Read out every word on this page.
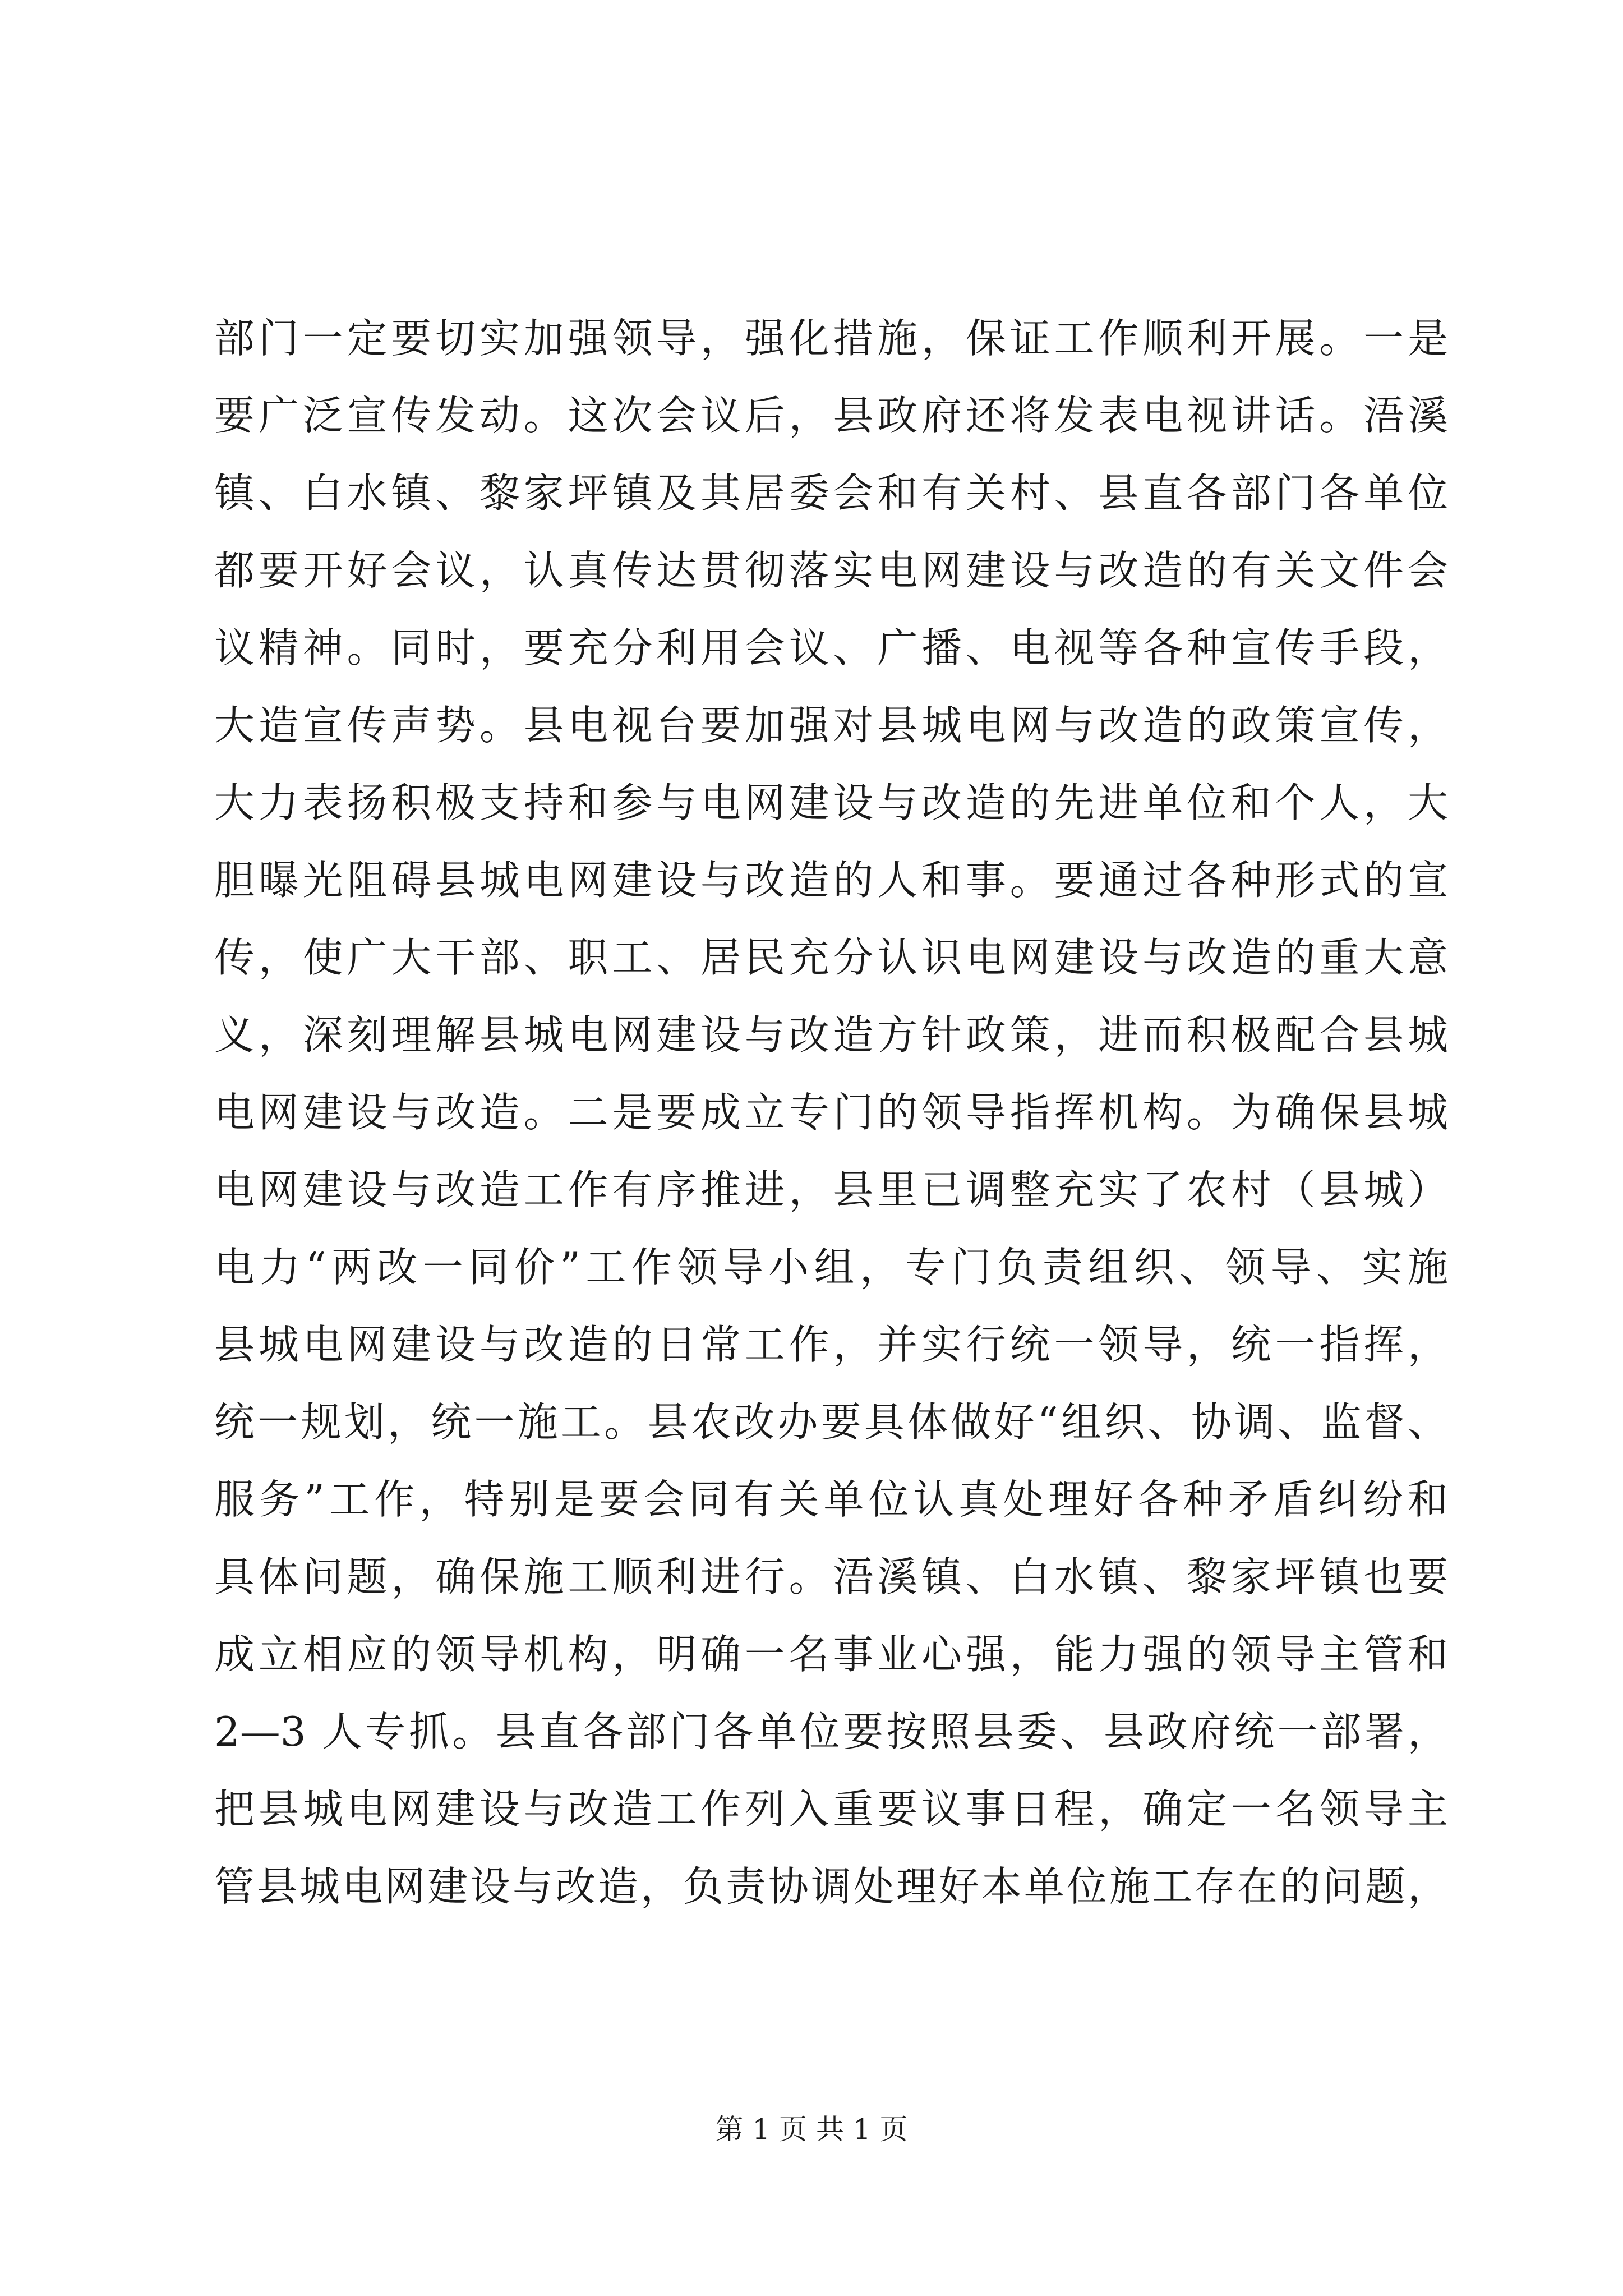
部门一定要切实加强领导，强化措施，保证工作顺利开展。一是
要广泛宣传发动。这次会议后，县政府还将发表电视讲话。浯溪
镇、白水镇、黎家坪镇及其居委会和有关村、县直各部门各单位
都要开好会议，认真传达贯彻落实电网建设与改造的有关文件会
议精神。同时，要充分利用会议、广播、电视等各种宣传手段，
大造宣传声势。县电视台要加强对县城电网与改造的政策宣传，
大力表扬积极支持和参与电网建设与改造的先进单位和个人，大
胆曝光阻碍县城电网建设与改造的人和事。要通过各种形式的宣
传，使广大干部、职工、居民充分认识电网建设与改造的重大意
义，深刻理解县城电网建设与改造方针政策，进而积极配合县城
电网建设与改造。二是要成立专门的领导指挥机构。为确保县城
电网建设与改造工作有序推进，县里已调整充实了农村（县城）
电力“两改一同价”工作领导小组，专门负责组织、领导、实施
县城电网建设与改造的日常工作，并实行统一领导，统一指挥，
统一规划，统一施工。县农改办要具体做好“组织、协调、监督、
服务”工作，特别是要会同有关单位认真处理好各种矛盾纠纷和
具体问题，确保施工顺利进行。浯溪镇、白水镇、黎家坪镇也要
成立相应的领导机构，明确一名事业心强，能力强的领导主管和
2—3 人专抓。县直各部门各单位要按照县委、县政府统一部署，
把县城电网建设与改造工作列入重要议事日程，确定一名领导主
管县城电网建设与改造，负责协调处理好本单位施工存在的问题，
第 1 页 共 1 页
